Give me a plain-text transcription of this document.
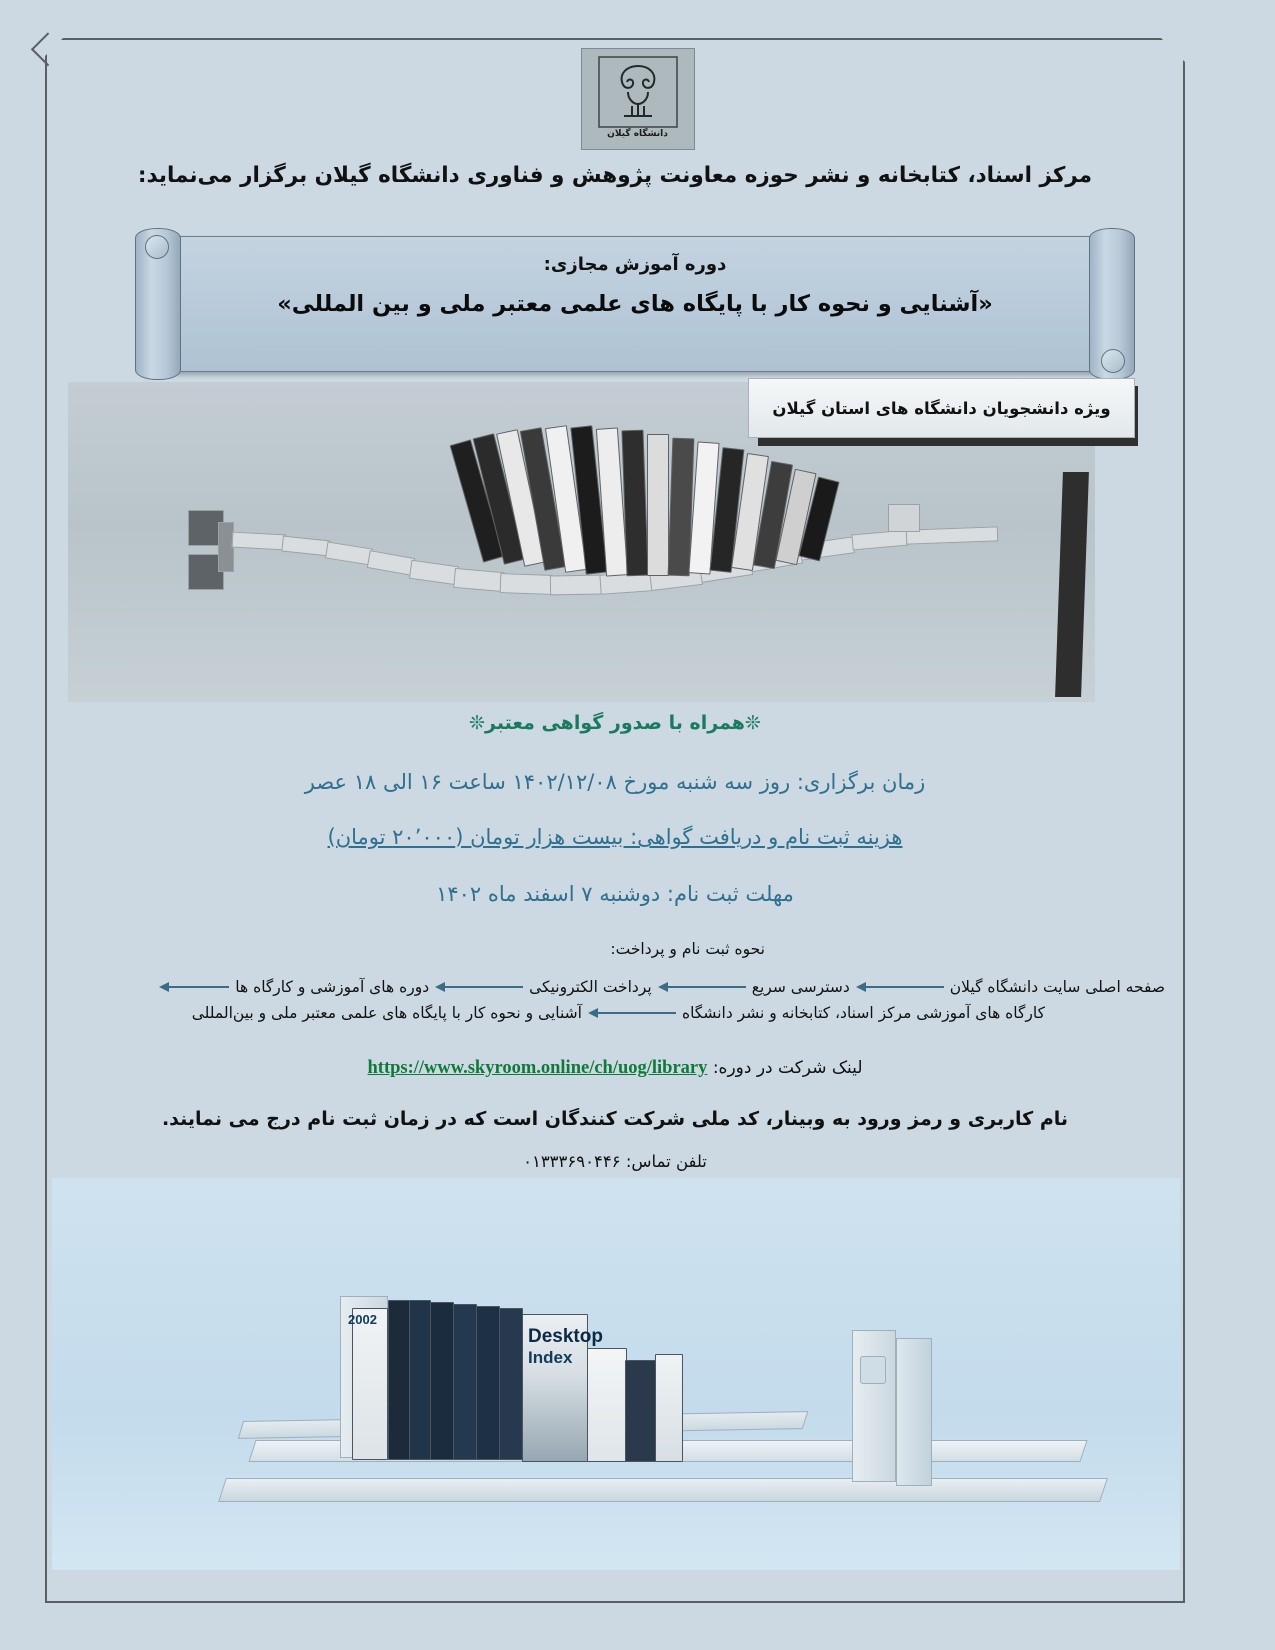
دانشگاه گیلان
مرکز اسناد، کتابخانه و نشر حوزه معاونت پژوهش و فناوری دانشگاه گیلان برگزار می‌نماید:
دوره آموزش مجازی:
«آشنایی و نحوه کار با پایگاه های علمی معتبر ملی و بین المللی»
ویژه دانشجویان دانشگاه های استان گیلان
❊همراه با صدور گواهی معتبر❊
زمان برگزاری: روز سه شنبه مورخ ۱۴۰۲/۱۲/۰۸ ساعت ۱۶ الی ۱۸ عصر
هزینه ثبت نام و دریافت گواهی: بیست هزار تومان (۲۰٬۰۰۰ تومان)
مهلت ثبت نام: دوشنبه ۷ اسفند ماه ۱۴۰۲
نحوه ثبت نام و پرداخت:
صفحه اصلی سایت دانشگاه گیلان
دسترسی سریع
پرداخت الکترونیکی
دوره های آموزشی و کارگاه ها
کارگاه های آموزشی مرکز اسناد، کتابخانه و نشر دانشگاه
آشنایی و نحوه کار با پایگاه های علمی معتبر ملی و بین‌المللی
لینک شرکت در دوره: https://www.skyroom.online/ch/uog/library
نام کاربری و رمز ورود به وبینار، کد ملی شرکت کنندگان است که در زمان ثبت نام درج می نمایند.
تلفن تماس: ۰۱۳۳۳۶۹۰۴۴۶
Desktop
Index
2002
